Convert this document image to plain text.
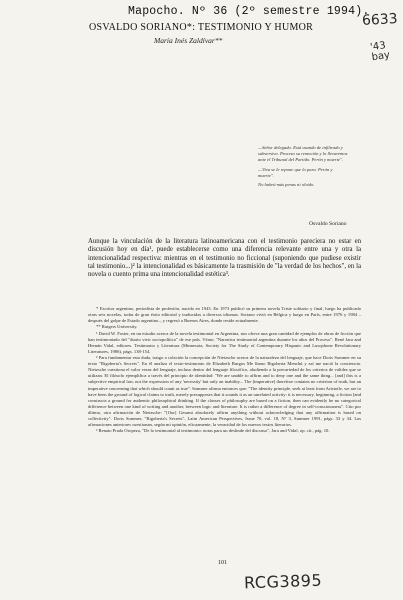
Mapocho. Nº 36 (2º semestre 1994).
6633
'43
bay
OSVALDO SORIANO*: TESTIMONIO Y HUMOR
María Inés Zaldívar**

—Señor delegado. Está usando de infiltrado y subversivo. Proceso su remoción y lo llevaremos ante el Tribunal del Partido. Perón y muerte".

—Viva se le repone que lo para. Perón y muerte".

No habrá más penas ni olvido.

Osvaldo Soriano
Aunque la vinculación de la literatura latinoamericana con el testimonio pareciera no estar en discusión hoy en día¹, puede establecerse como una diferencia relevante entre una y otra la intencionalidad respectiva: mientras en el testimonio no ficcional (suponiendo que pudiese existir tal testimonio...)² la intencionalidad es básicamente la trasmisión de "la verdad de los hechos", en la novela o cuento prima una intencionalidad estética³.

* Escritor argentino, periodista de profesión, nacido en 1943. En 1973 publicó su primera novela Triste solitario y final, luego ha publicado otras seis novelas, todas de gran éxito editorial y traducidas a diversos idiomas. Soriano vivió en Bélgica y luego en París, entre 1976 y 1984 –después del golpe de Estado argentino–, y regresó a Buenos Aires, donde reside actualmente.

** Rutgers University.

¹ David W. Foster, en un estudio acerca de la novela testimonial en Argentina, nos ofrece una gran cantidad de ejemplos de obras de ficción que han testimoniado del "diario vivir sociopolítico" de ese país. Véase, "Narrativa testimonial argentina durante los años del Proceso". René Jara and Hernán Vidal, editores. Testimonio y Literatura (Minnesota, Society for The Study of Contemporary Hispanic and Lusophone Revolutionary Literatures, 1986), págs. 138-154.

² Para fundamentar esta duda, traigo a colación la concepción de Nietzsche acerca de la naturaleza del lenguaje, que hace Doris Sommer en su texto "Rigoberta's Secrets". En él analiza el texto-testimonio de Elizabeth Burgos Me llamo Rigoberta Menchú y así me nació la conciencia. Nietzsche cuestiona el valor veraz del lenguaje, incluso dentro del lenguaje filosófico, aludiendo a la precariedad de los criterios de validez que se utilizan. El filósofo ejemplifica a través del principio de identidad: "We are unable to affirm and to deny one and the same thing... [and] this is a subjective empirical law, not the expression of any 'necessity' but only an inability... The [imperative] therefore contains no criterion of truth, but an imperative concerning that which should count as true". Sommer afirma entonces que: "The identity principle, seek at least from Aristotle, we are to have been the ground of logical claims to truth, merely presupposes that it sounds it as an unrelated activity: it is necessary, beginning, a fiction [and constructs a ground for authentic philosophical thinking. If the classes of philosophy are based on a fiction, then can evidently be no categorical difference between one kind of writing and another, between logic and literature. It is rather a difference of degree in self-consciousness". Cito por último, otra afirmación de Nietzsche: "[Our] Gesamt absolutely affirm anything without acknowledging that any affirmation is based on collectivity". Doris Sommer, "Rigoberta's Secrets", Latin American Perspectives, Issue 70, vol. 18, N° 3, Summer 1991, págs. 33 y 34. Las afirmaciones anteriores cuestionan, según mi opinión, eficazmente, la veracidad de los nuevos textos literarios.

³ Renato Prada Oropeza, "De lo testimonial al testimonio: notas para un deslinde del discurso", Jara and Vidal, op. cit., pág. 10.

101
RCG3895
